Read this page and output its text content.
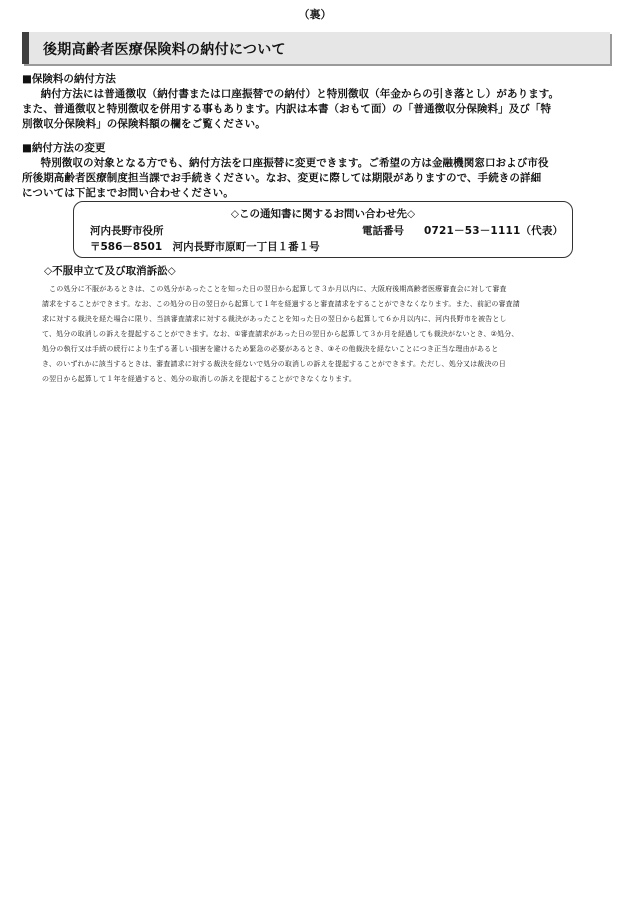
（裏）
後期高齢者医療保険料の納付について
■保険料の納付方法
　納付方法には普通徴収（納付書または口座振替での納付）と特別徴収（年金からの引き落とし）があります。
また、普通徴収と特別徴収を併用する事もあります。内訳は本書（おもて面）の「普通徴収分保険料」及び「特
別徴収分保険料」の保険料額の欄をご覧ください。
■納付方法の変更
　特別徴収の対象となる方でも、納付方法を口座振替に変更できます。ご希望の方は金融機関窓口および市役
所後期高齢者医療制度担当課でお手続きください。なお、変更に際しては期限がありますので、手続きの詳細
については下記までお問い合わせください。
◇この通知書に関するお問い合わせ先◇
河内長野市役所	電話番号 0721－53－1111（代表）
〒586－8501　河内長野市原町一丁目１番１号
◇不服申立て及び取消訴訟◇
　この処分に不服があるときは、この処分があったことを知った日の翌日から起算して３か月以内に、大阪府後期高齢者医療審査会に対して審査
請求をすることができます。なお、この処分の日の翌日から起算して１年を経過すると審査請求をすることができなくなります。また、前記の審査請
求に対する裁決を経た場合に限り、当該審査請求に対する裁決があったことを知った日の翌日から起算して６か月以内に、河内長野市を被告とし
て、処分の取消しの訴えを提起することができます。なお、①審査請求があった日の翌日から起算して３か月を経過しても裁決がないとき、②処分、
処分の執行又は手続の続行により生ずる著しい損害を避けるため緊急の必要があるとき、③その他裁決を経ないことにつき正当な理由があると
き、のいずれかに該当するときは、審査請求に対する裁決を経ないで処分の取消しの訴えを提起することができます。ただし、処分又は裁決の日
の翌日から起算して１年を経過すると、処分の取消しの訴えを提起することができなくなります。
